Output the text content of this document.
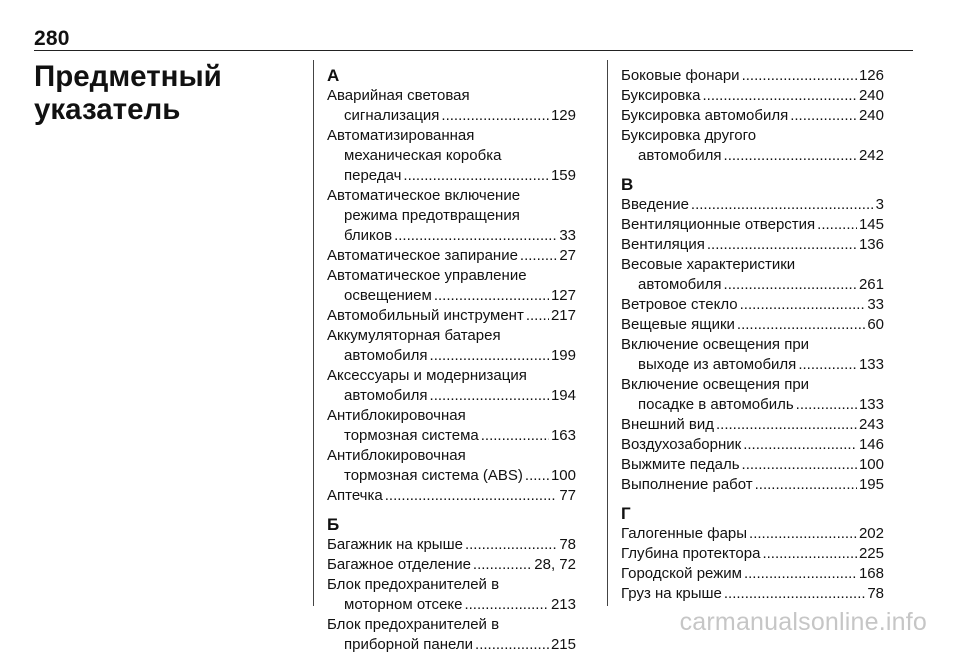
280
Предметный
указатель
А
Аварийная световая
сигнализация .....	129
Автоматизированная
механическая коробка
передач .....	159
Автоматическое включение
режима предотвращения
бликов .....	33
Автоматическое запирание .....	27
Автоматическое управление
освещением .....	127
Автомобильный инструмент ..... 217
Аккумуляторная батарея
автомобиля .....	199
Аксессуары и модернизация
автомобиля .....	194
Антиблокировочная
тормозная система .....	163
Антиблокировочная
тормозная система (ABS) ..... 100
Аптечка .....	77
Б
Багажник на крыше .....	78
Багажное отделение .....	28, 72
Блок предохранителей в
моторном отсеке .....	213
Блок предохранителей в
приборной панели .....	215
Боковые фонари .....	126
Буксировка .....	240
Буксировка автомобиля .....	240
Буксировка другого
автомобиля .....	242
В
Введение .....	3
Вентиляционные отверстия .....	145
Вентиляция .....	136
Весовые характеристики
автомобиля .....	261
Ветровое стекло .....	33
Вещевые ящики .....	60
Включение освещения при
выходе из автомобиля .....	133
Включение освещения при
посадке в автомобиль .....	133
Внешний вид .....	243
Воздухозаборник .....	146
Выжмите педаль .....	100
Выполнение работ .....	195
Г
Галогенные фары .....	202
Глубина протектора .....	225
Городской режим .....	168
Груз на крыше .....	78
carmanualsonline.info
